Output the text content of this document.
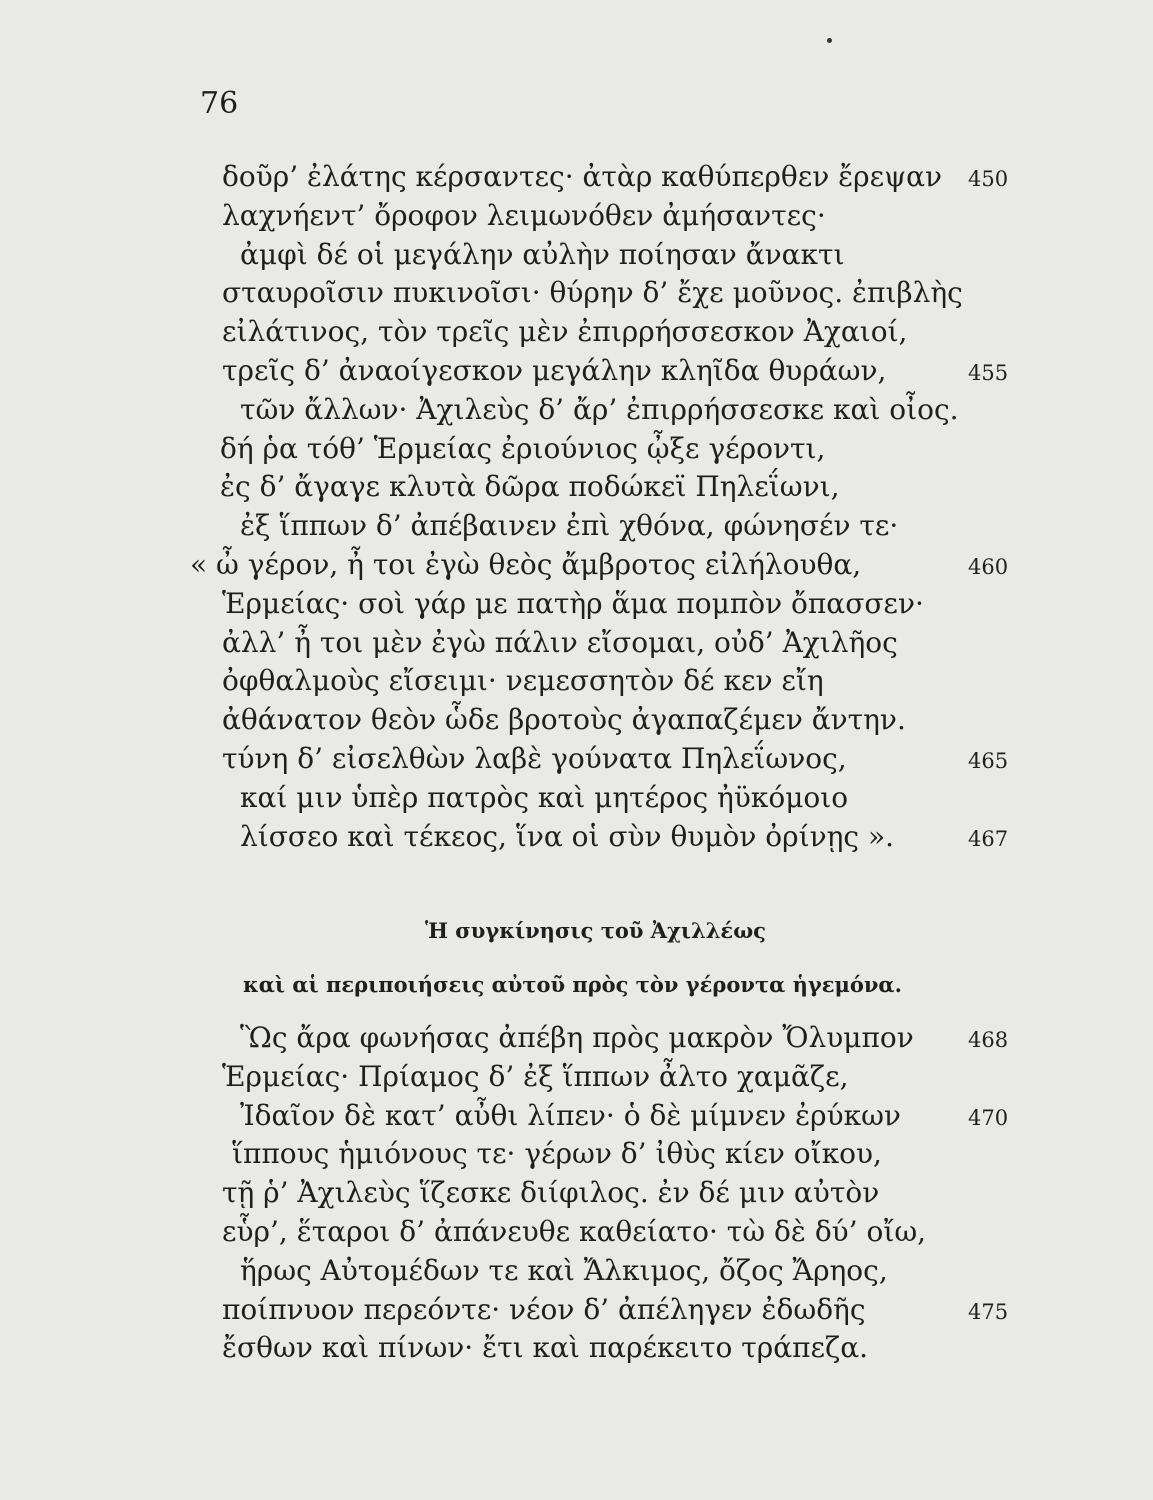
76
δοῦρ’ ἐλάτης κέρσαντες· ἀτὰρ καθύπερθεν ἔρεψαν 450
λαχνήεντ’ ὄροφον λειμωνόθεν ἀμήσαντες·
ἀμφὶ δέ οἱ μεγάλην αὐλὴν ποίησαν ἄνακτι
σταυροῖσιν πυκινοῖσι· θύρην δ’ ἔχε μοῦνος. ἐπιβλὴς
εἰλάτινος, τὸν τρεῖς μὲν ἐπιρρήσσεσκον Ἀχαιοί,
τρεῖς δ’ ἀναοίγεσκον μεγάλην κληῖδα θυράων,	455
τῶν ἄλλων· Ἀχιλεὺς δ’ ἄρ’ ἐπιρρήσσεσκε καὶ οἶος.
δή ῥα τόθ’ Ἑρμείας ἐριούνιος ᾦξε γέροντι,
ἐς δ’ ἄγαγε κλυτὰ δῶρα ποδώκεϊ Πηλεΐωνι,
ἐξ ἵππων δ’ ἀπέβαινεν ἐπὶ χθόνα, φώνησέν τε·
« ὦ γέρον, ἦ τοι ἐγὼ θεὸς ἄμβροτος εἰλήλουθα,	460
Ἑρμείας· σοὶ γάρ με πατὴρ ἅμα πομπὸν ὄπασσεν·
ἀλλ’ ἦ τοι μὲν ἐγὼ πάλιν εἴσομαι, οὐδ’ Ἀχιλῆος
ὀφθαλμοὺς εἴσειμι· νεμεσσητὸν δέ κεν εἴη
ἀθάνατον θεὸν ὧδε βροτοὺς ἀγαπαζέμεν ἄντην.
τύνη δ’ εἰσελθὼν λαβὲ γούνατα Πηλεΐωνος,	465
καί μιν ὑπὲρ πατρὸς καὶ μητέρος ἠϋκόμοιο
λίσσεο καὶ τέκεος, ἵνα οἱ σὺν θυμὸν ὀρίνῃς ».	467
Ἡ συγκίνησις τοῦ Ἀχιλλέως
καὶ αἱ περιποιήσεις αὐτοῦ πρὸς τὸν γέροντα ἡγεμόνα.
Ὣς ἄρα φωνήσας ἀπέβη πρὸς μακρὸν Ὄλυμπον	468
Ἑρμείας· Πρίαμος δ’ ἐξ ἵππων ἆλτο χαμᾶζε,
Ἰδαῖον δὲ κατ’ αὖθι λίπεν· ὁ δὲ μίμνεν ἐρύκων	470
ἵππους ἡμιόνους τε· γέρων δ’ ἰθὺς κίεν οἴκου,
τῇ ῥ’ Ἀχιλεὺς ἵζεσκε διίφιλος. ἐν δέ μιν αὐτὸν
εὗρ’, ἕταροι δ’ ἀπάνευθε καθείατο· τὼ δὲ δύ’ οἴω,
ἥρως Αὐτομέδων τε καὶ Ἄλκιμος, ὄζος Ἄρηος,
ποίπνυον περεόντε· νέον δ’ ἀπέληγεν ἐδωδῆς	475
ἔσθων καὶ πίνων· ἔτι καὶ παρέκειτο τράπεζα.
